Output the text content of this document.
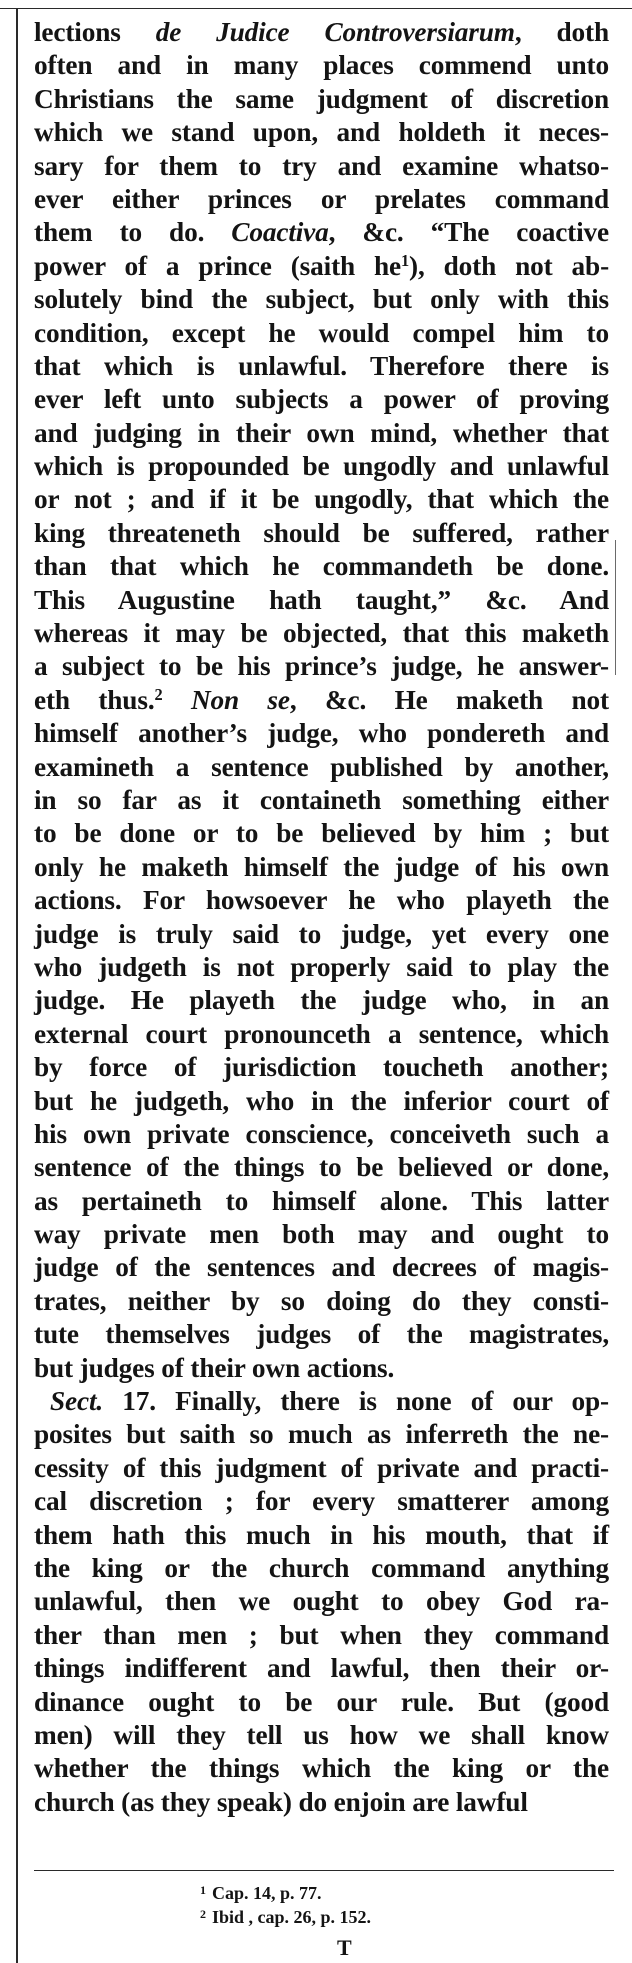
lections de Judice Controversiarum, doth
often and in many places commend unto
Christians the same judgment of discretion
which we stand upon, and holdeth it neces-
sary for them to try and examine whatso-
ever either princes or prelates command
them to do. Coactiva, &c. “The coactive
power of a prince (saith $he^1$), doth not ab-
solutely bind the subject, but only with this
condition, except he would compel him to
that which is unlawful. Therefore there is
ever left unto subjects a power of proving
and judging in their own mind, whether that
which is propounded be ungodly and unlawful
or not ; and if it be ungodly, that which the
king threateneth should be suffered, rather
than that which he commandeth be done.
This Augustine hath taught,” &c. And
whereas it may be objected, that this maketh
a subject to be his prince’s judge, he answer-
eth thus.$^2$ Non se, &c. He maketh not
himself another’s judge, who pondereth and
examineth a sentence published by another,
in so far as it containeth something either
to be done or to be believed by him ; but
only he maketh himself the judge of his own
actions. For howsoever he who playeth the
judge is truly said to judge, yet every one
who judgeth is not properly said to play the
judge. He playeth the judge who, in an
external court pronounceth a sentence, which
by force of jurisdiction toucheth another;
but he judgeth, who in the inferior court of
his own private conscience, conceiveth such a
sentence of the things to be believed or done,
as pertaineth to himself alone. This latter
way private men both may and ought to
judge of the sentences and decrees of magis-
trates, neither by so doing do they consti-
tute themselves judges of the magistrates,
but judges of their own actions.
Sect. 17. Finally, there is none of our op-
posites but saith so much as inferreth the ne-
cessity of this judgment of private and practi-
cal discretion ; for every smatterer among
them hath this much in his mouth, that if
the king or the church command anything
unlawful, then we ought to obey God ra-
ther than men ; but when they command
things indifferent and lawful, then their or-
dinance ought to be our rule. But (good
men) will they tell us how we shall know
whether the things which the king or the
church (as they speak) do enjoin are lawful
$^1$ Cap. 14, p. 77.
$^2$ Ibid , cap. 26, p. 152.
T
